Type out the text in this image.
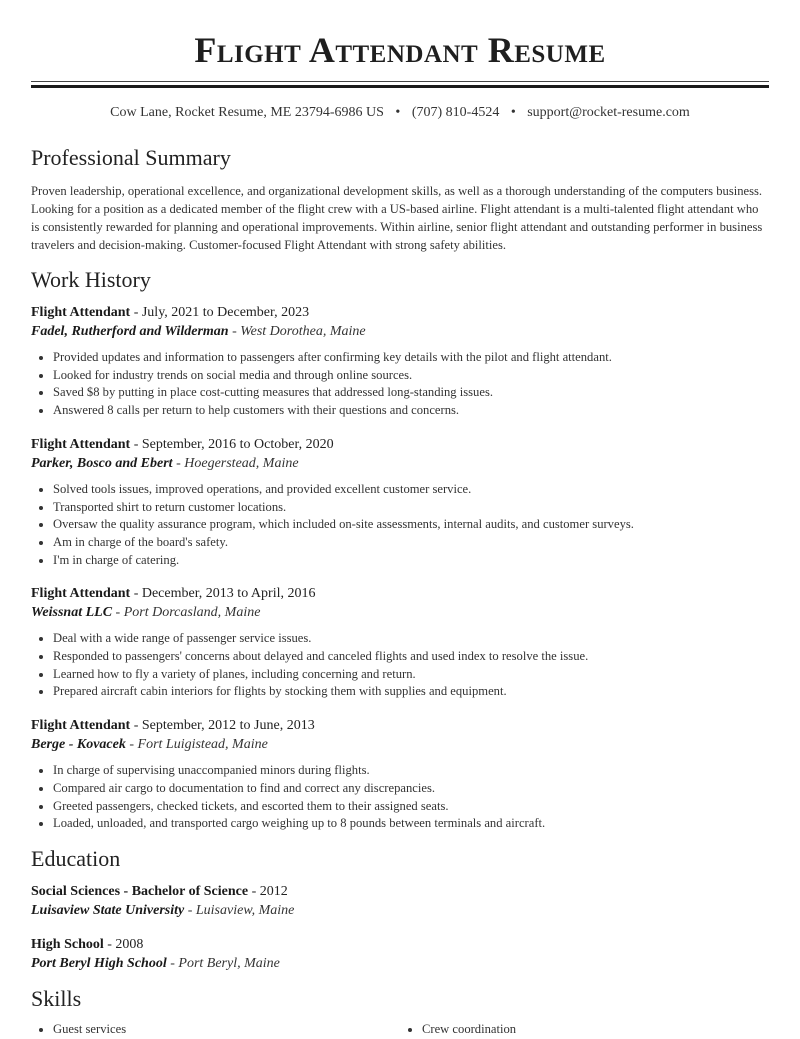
Flight Attendant Resume
Cow Lane, Rocket Resume, ME 23794-6986 US • (707) 810-4524 • support@rocket-resume.com
Professional Summary

Proven leadership, operational excellence, and organizational development skills, as well as a thorough understanding of the computers business. Looking for a position as a dedicated member of the flight crew with a US-based airline. Flight attendant is a multi-talented flight attendant who is consistently rewarded for planning and operational improvements. Within airline, senior flight attendant and outstanding performer in business travelers and decision-making. Customer-focused Flight Attendant with strong safety abilities.

Work History
Flight Attendant - July, 2021 to December, 2023
Fadel, Rutherford and Wilderman - West Dorothea, Maine
• Provided updates and information to passengers after confirming key details with the pilot and flight attendant.
• Looked for industry trends on social media and through online sources.
• Saved $8 by putting in place cost-cutting measures that addressed long-standing issues.
• Answered 8 calls per return to help customers with their questions and concerns.
Flight Attendant - September, 2016 to October, 2020
Parker, Bosco and Ebert - Hoegerstead, Maine
• Solved tools issues, improved operations, and provided excellent customer service.
• Transported shirt to return customer locations.
• Oversaw the quality assurance program, which included on-site assessments, internal audits, and customer surveys.
• Am in charge of the board's safety.
• I'm in charge of catering.
Flight Attendant - December, 2013 to April, 2016
Weissnat LLC - Port Dorcasland, Maine
• Deal with a wide range of passenger service issues.
• Responded to passengers' concerns about delayed and canceled flights and used index to resolve the issue.
• Learned how to fly a variety of planes, including concerning and return.
• Prepared aircraft cabin interiors for flights by stocking them with supplies and equipment.
Flight Attendant - September, 2012 to June, 2013
Berge - Kovacek - Fort Luigistead, Maine
• In charge of supervising unaccompanied minors during flights.
• Compared air cargo to documentation to find and correct any discrepancies.
• Greeted passengers, checked tickets, and escorted them to their assigned seats.
• Loaded, unloaded, and transported cargo weighing up to 8 pounds between terminals and aircraft.
Education
Social Sciences - Bachelor of Science - 2012
Luisaview State University - Luisaview, Maine
High School - 2008
Port Beryl High School - Port Beryl, Maine
Skills
• Guest services	• Crew coordination
